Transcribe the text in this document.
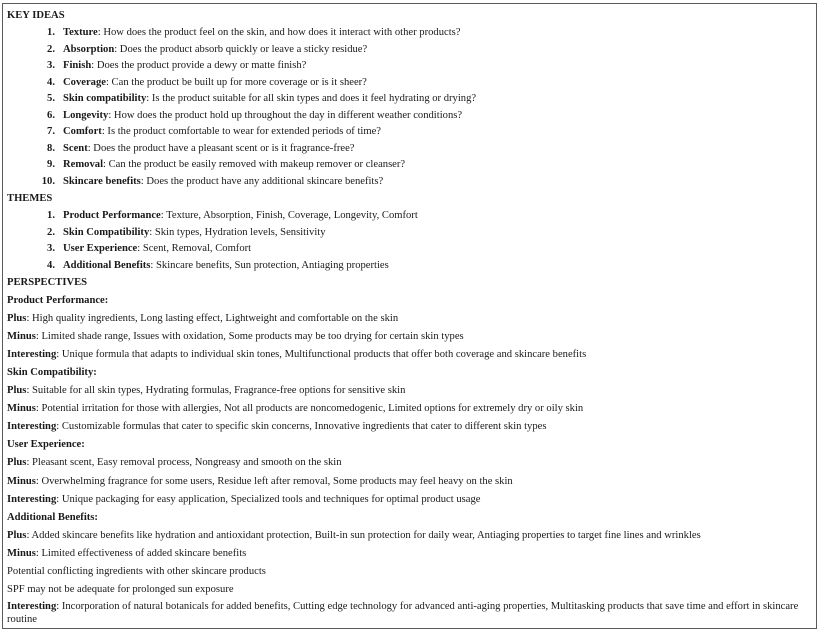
KEY IDEAS
1. Texture: How does the product feel on the skin, and how does it interact with other products?
2. Absorption: Does the product absorb quickly or leave a sticky residue?
3. Finish: Does the product provide a dewy or matte finish?
4. Coverage: Can the product be built up for more coverage or is it sheer?
5. Skin compatibility: Is the product suitable for all skin types and does it feel hydrating or drying?
6. Longevity: How does the product hold up throughout the day in different weather conditions?
7. Comfort: Is the product comfortable to wear for extended periods of time?
8. Scent: Does the product have a pleasant scent or is it fragrance-free?
9. Removal: Can the product be easily removed with makeup remover or cleanser?
10. Skincare benefits: Does the product have any additional skincare benefits?
THEMES
1. Product Performance: Texture, Absorption, Finish, Coverage, Longevity, Comfort
2. Skin Compatibility: Skin types, Hydration levels, Sensitivity
3. User Experience: Scent, Removal, Comfort
4. Additional Benefits: Skincare benefits, Sun protection, Antiaging properties
PERSPECTIVES
Product Performance:
Plus: High quality ingredients, Long lasting effect, Lightweight and comfortable on the skin
Minus: Limited shade range, Issues with oxidation, Some products may be too drying for certain skin types
Interesting: Unique formula that adapts to individual skin tones, Multifunctional products that offer both coverage and skincare benefits
Skin Compatibility:
Plus: Suitable for all skin types, Hydrating formulas, Fragrance-free options for sensitive skin
Minus: Potential irritation for those with allergies, Not all products are noncomedogenic, Limited options for extremely dry or oily skin
Interesting: Customizable formulas that cater to specific skin concerns, Innovative ingredients that cater to different skin types
User Experience:
Plus: Pleasant scent, Easy removal process, Nongreasy and smooth on the skin
Minus: Overwhelming fragrance for some users, Residue left after removal, Some products may feel heavy on the skin
Interesting: Unique packaging for easy application, Specialized tools and techniques for optimal product usage
Additional Benefits:
Plus: Added skincare benefits like hydration and antioxidant protection, Built-in sun protection for daily wear, Antiaging properties to target fine lines and wrinkles
Minus: Limited effectiveness of added skincare benefits
Potential conflicting ingredients with other skincare products
SPF may not be adequate for prolonged sun exposure
Interesting: Incorporation of natural botanicals for added benefits, Cutting edge technology for advanced anti-aging properties, Multitasking products that save time and effort in skincare routine
